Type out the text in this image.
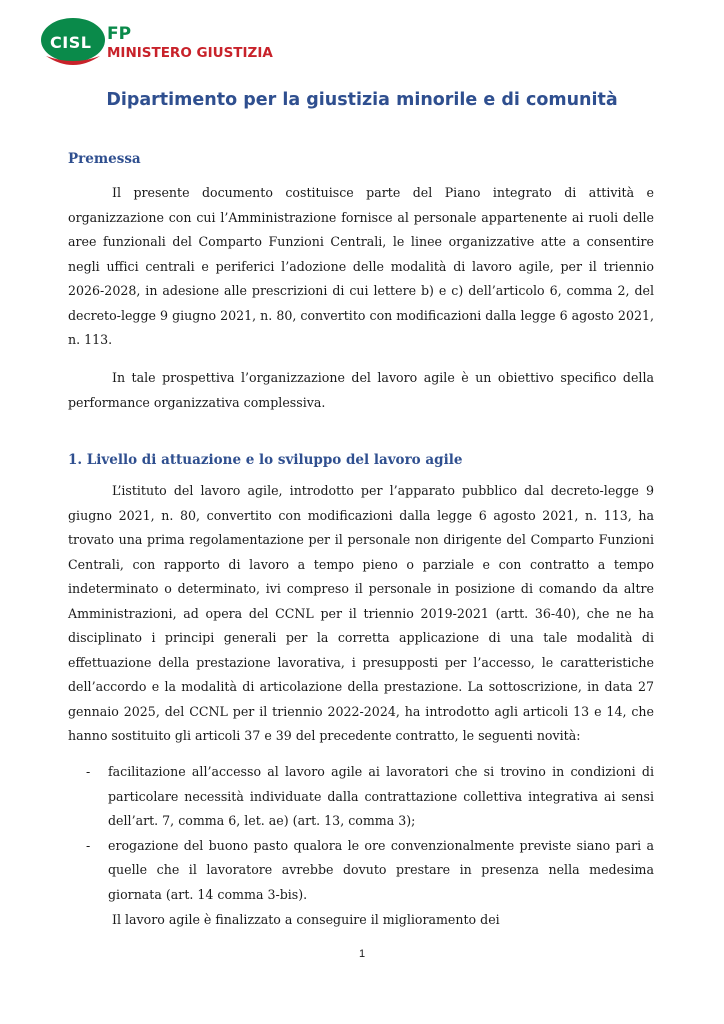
CISL FP
MINISTERO GIUSTIZIA
Dipartimento per la giustizia minorile e di comunità
Premessa

Il presente documento costituisce parte del Piano integrato di attività e organizzazione con cui l’Amministrazione fornisce al personale appartenente ai ruoli delle aree funzionali del Comparto Funzioni Centrali, le linee organizzative atte a consentire negli uffici centrali e periferici l’adozione delle modalità di lavoro agile, per il triennio 2026-2028, in adesione alle prescrizioni di cui lettere b) e c) dell’articolo 6, comma 2, del decreto-legge 9 giugno 2021, n. 80, convertito con modificazioni dalla legge 6 agosto 2021, n. 113.

In tale prospettiva l’organizzazione del lavoro agile è un obiettivo specifico della performance organizzativa complessiva.

1. Livello di attuazione e lo sviluppo del lavoro agile

L’istituto del lavoro agile, introdotto per l’apparato pubblico dal decreto-legge 9 giugno 2021, n. 80, convertito con modificazioni dalla legge 6 agosto 2021, n. 113, ha trovato una prima regolamentazione per il personale non dirigente del Comparto Funzioni Centrali, con rapporto di lavoro a tempo pieno o parziale e con contratto a tempo indeterminato o determinato, ivi compreso il personale in posizione di comando da altre Amministrazioni, ad opera del CCNL per il triennio 2019-2021 (artt. 36-40), che ne ha disciplinato i principi generali per la corretta applicazione di una tale modalità di effettuazione della prestazione lavorativa, i presupposti per l’accesso, le caratteristiche dell’accordo e la modalità di articolazione della prestazione. La sottoscrizione, in data 27 gennaio 2025, del CCNL per il triennio 2022-2024, ha introdotto agli articoli 13 e 14, che hanno sostituito gli articoli 37 e 39 del precedente contratto, le seguenti novità:

- facilitazione all’accesso al lavoro agile ai lavoratori che si trovino in condizioni di particolare necessità individuate dalla contrattazione collettiva integrativa ai sensi dell’art. 7, comma 6, let. ae) (art. 13, comma 3);
- erogazione del buono pasto qualora le ore convenzionalmente previste siano pari a quelle che il lavoratore avrebbe dovuto prestare in presenza nella medesima giornata (art. 14 comma 3-bis).

Il lavoro agile è finalizzato a conseguire il miglioramento dei

1
